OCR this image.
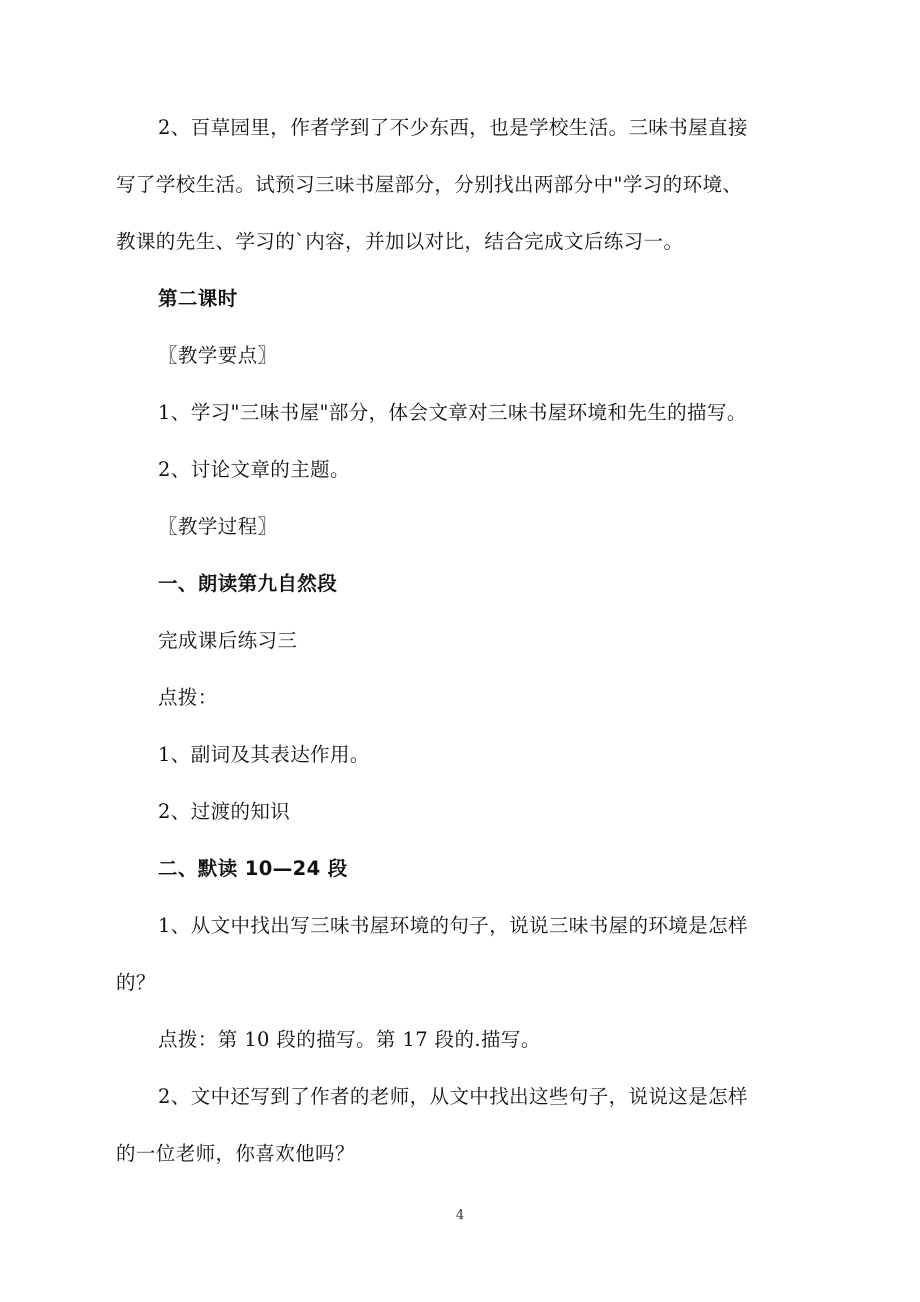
2、百草园里，作者学到了不少东西，也是学校生活。三味书屋直接
写了学校生活。试预习三味书屋部分，分别找出两部分中"学习的环境、
教课的先生、学习的`内容，并加以对比，结合完成文后练习一。
第二课时
〖教学要点〗
1、学习"三味书屋"部分，体会文章对三味书屋环境和先生的描写。
2、讨论文章的主题。
〖教学过程〗
一、朗读第九自然段
完成课后练习三
点拨：
1、副词及其表达作用。
2、过渡的知识
二、默读 10—24 段
1、从文中找出写三味书屋环境的句子，说说三味书屋的环境是怎样
的？
点拨：第 10 段的描写。第 17 段的.描写。
2、文中还写到了作者的老师，从文中找出这些句子，说说这是怎样
的一位老师，你喜欢他吗？
4
